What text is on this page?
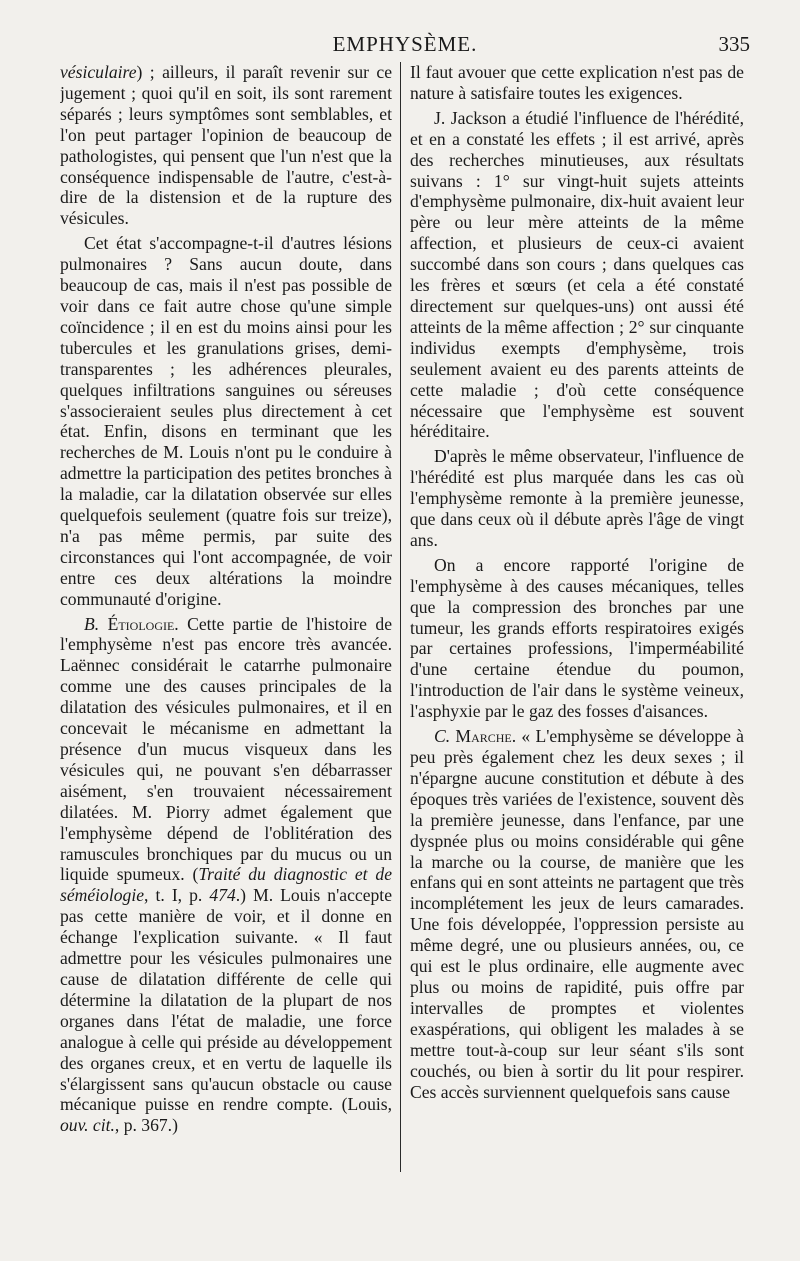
EMPHYSÈME.	335

vésiculaire) ; ailleurs, il paraît revenir sur ce jugement ; quoi qu'il en soit, ils sont rarement séparés ; leurs symptômes sont semblables, et l'on peut partager l'opinion de beaucoup de pathologistes, qui pensent que l'un n'est que la conséquence indispensable de l'autre, c'est-à-dire de la distension et de la rupture des vésicules.

Cet état s'accompagne-t-il d'autres lésions pulmonaires ? Sans aucun doute, dans beaucoup de cas, mais il n'est pas possible de voir dans ce fait autre chose qu'une simple coïncidence ; il en est du moins ainsi pour les tubercules et les granulations grises, demi-transparentes ; les adhérences pleurales, quelques infiltrations sanguines ou séreuses s'associeraient seules plus directement à cet état. Enfin, disons en terminant que les recherches de M. Louis n'ont pu le conduire à admettre la participation des petites bronches à la maladie, car la dilatation observée sur elles quelquefois seulement (quatre fois sur treize), n'a pas même permis, par suite des circonstances qui l'ont accompagnée, de voir entre ces deux altérations la moindre communauté d'origine.

B. Étiologie. Cette partie de l'histoire de l'emphysème n'est pas encore très avancée. Laënnec considérait le catarrhe pulmonaire comme une des causes principales de la dilatation des vésicules pulmonaires, et il en concevait le mécanisme en admettant la présence d'un mucus visqueux dans les vésicules qui, ne pouvant s'en débarrasser aisément, s'en trouvaient nécessairement dilatées. M. Piorry admet également que l'emphysème dépend de l'oblitération des ramuscules bronchiques par du mucus ou un liquide spumeux. (Traité du diagnostic et de séméiologie, t. I, p. 474.) M. Louis n'accepte pas cette manière de voir, et il donne en échange l'explication suivante. « Il faut admettre pour les vésicules pulmonaires une cause de dilatation différente de celle qui détermine la dilatation de la plupart de nos organes dans l'état de maladie, une force analogue à celle qui préside au développement des organes creux, et en vertu de laquelle ils s'élargissent sans qu'aucun obstacle ou cause mécanique puisse en rendre compte. (Louis, ouv. cit., p. 367.)

Il faut avouer que cette explication n'est pas de nature à satisfaire toutes les exigences.

J. Jackson a étudié l'influence de l'hérédité, et en a constaté les effets ; il est arrivé, après des recherches minutieuses, aux résultats suivans : 1° sur vingt-huit sujets atteints d'emphysème pulmonaire, dix-huit avaient leur père ou leur mère atteints de la même affection, et plusieurs de ceux-ci avaient succombé dans son cours ; dans quelques cas les frères et sœurs (et cela a été constaté directement sur quelques-uns) ont aussi été atteints de la même affection ; 2° sur cinquante individus exempts d'emphysème, trois seulement avaient eu des parents atteints de cette maladie ; d'où cette conséquence nécessaire que l'emphysème est souvent héréditaire.

D'après le même observateur, l'influence de l'hérédité est plus marquée dans les cas où l'emphysème remonte à la première jeunesse, que dans ceux où il débute après l'âge de vingt ans.

On a encore rapporté l'origine de l'emphysème à des causes mécaniques, telles que la compression des bronches par une tumeur, les grands efforts respiratoires exigés par certaines professions, l'imperméabilité d'une certaine étendue du poumon, l'introduction de l'air dans le système veineux, l'asphyxie par le gaz des fosses d'aisances.

C. Marche. « L'emphysème se développe à peu près également chez les deux sexes ; il n'épargne aucune constitution et débute à des époques très variées de l'existence, souvent dès la première jeunesse, dans l'enfance, par une dyspnée plus ou moins considérable qui gêne la marche ou la course, de manière que les enfans qui en sont atteints ne partagent que très incomplétement les jeux de leurs camarades. Une fois développée, l'oppression persiste au même degré, une ou plusieurs années, ou, ce qui est le plus ordinaire, elle augmente avec plus ou moins de rapidité, puis offre par intervalles de promptes et violentes exaspérations, qui obligent les malades à se mettre tout-à-coup sur leur séant s'ils sont couchés, ou bien à sortir du lit pour respirer. Ces accès surviennent quelquefois sans cause
